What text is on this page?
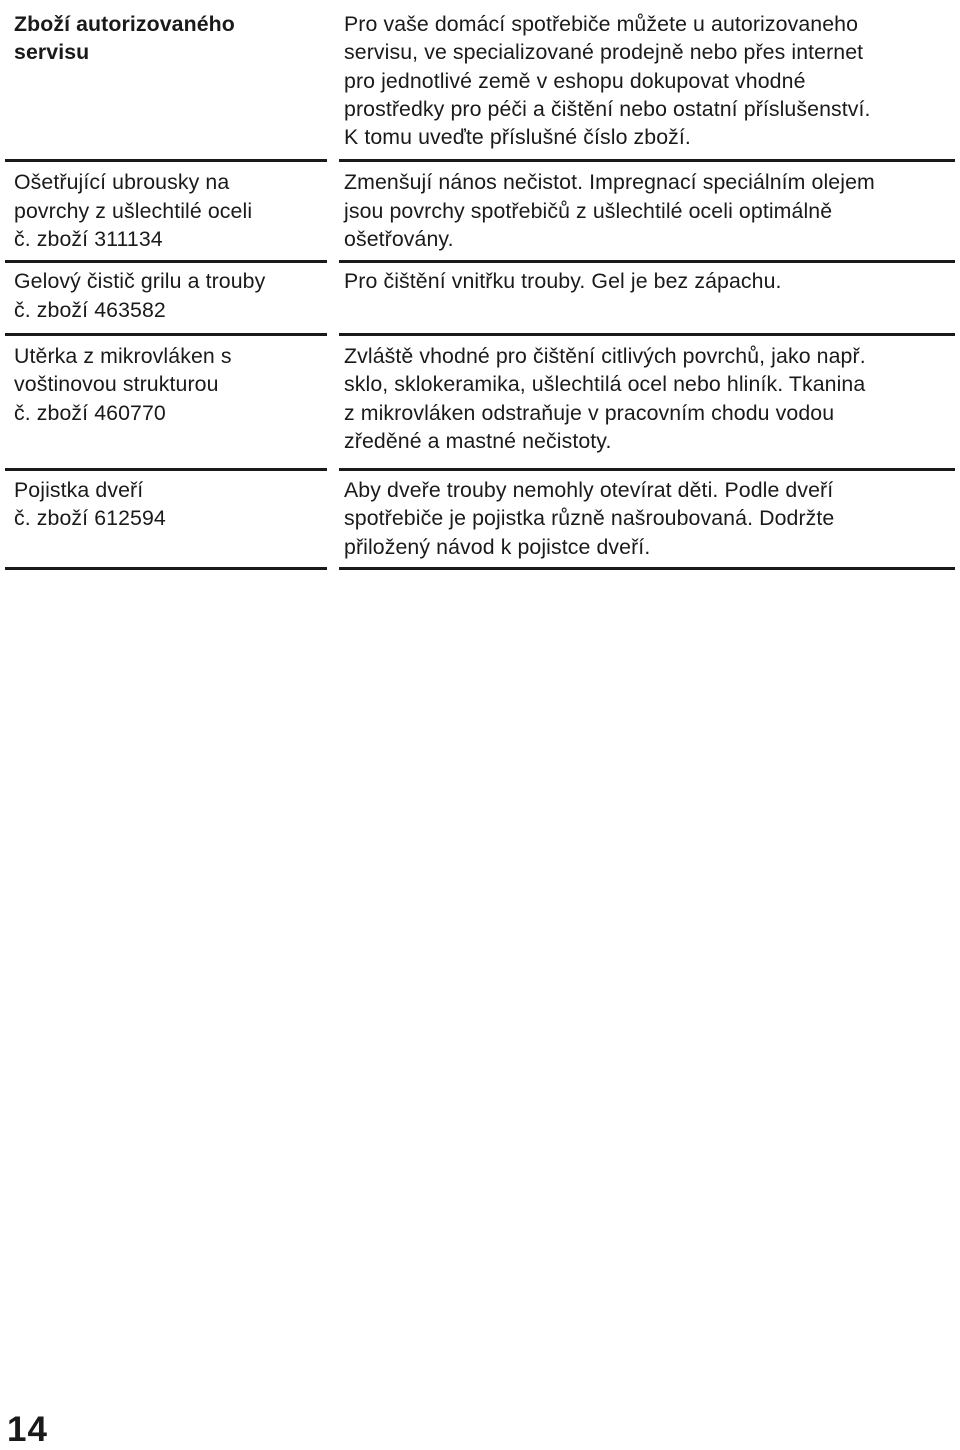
Zboží autorizovaného
servisu

Pro vaše domácí spotřebiče můžete u autorizovaneho
servisu, ve specializované prodejně nebo přes internet
pro jednotlivé země v eshopu dokupovat vhodné
prostředky pro péči a čištění nebo ostatní příslušenství.
K tomu uveďte příslušné číslo zboží.

Ošetřující ubrousky na
povrchy z ušlechtilé oceli
č. zboží 311134

Zmenšují nános nečistot. Impregnací speciálním olejem
jsou povrchy spotřebičů z ušlechtilé oceli optimálně
ošetřovány.

Gelový čistič grilu a trouby
č. zboží 463582

Pro čištění vnitřku trouby. Gel je bez zápachu.

Utěrka z mikrovláken s
voštinovou strukturou
č. zboží 460770

Zvláště vhodné pro čištění citlivých povrchů, jako např.
sklo, sklokeramika, ušlechtilá ocel nebo hliník. Tkanina
z mikrovláken odstraňuje v pracovním chodu vodou
zředěné a mastné nečistoty.

Pojistka dveří
č. zboží 612594

Aby dveře trouby nemohly otevírat děti. Podle dveří
spotřebiče je pojistka různě našroubovaná. Dodržte
přiložený návod k pojistce dveří.

14
